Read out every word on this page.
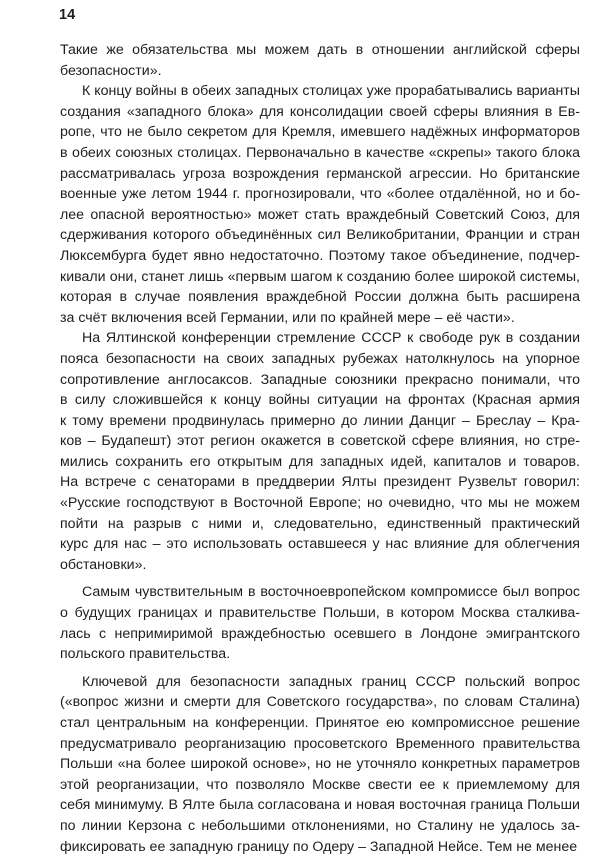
14
Такие же обязательства мы можем дать в отношении английской сферы
безопасности».
К концу войны в обеих западных столицах уже прорабатывались варианты
создания «западного блока» для консолидации своей сферы влияния в Ев-
ропе, что не было секретом для Кремля, имевшего надёжных информаторов
в обеих союзных столицах. Первоначально в качестве «скрепы» такого блока
рассматривалась угроза возрождения германской агрессии. Но британские
военные уже летом 1944 г. прогнозировали, что «более отдалённой, но и бо-
лее опасной вероятностью» может стать враждебный Советский Союз, для
сдерживания которого объединённых сил Великобритании, Франции и стран
Люксембурга будет явно недостаточно. Поэтому такое объединение, подчер-
кивали они, станет лишь «первым шагом к созданию более широкой системы,
которая в случае появления враждебной России должна быть расширена
за счёт включения всей Германии, или по крайней мере – её части».
На Ялтинской конференции стремление СССР к свободе рук в создании
пояса безопасности на своих западных рубежах натолкнулось на упорное
сопротивление англосаксов. Западные союзники прекрасно понимали, что
в силу сложившейся к концу войны ситуации на фронтах (Красная армия
к тому времени продвинулась примерно до линии Данциг – Бреслау – Кра-
ков – Будапешт) этот регион окажется в советской сфере влияния, но стре-
мились сохранить его открытым для западных идей, капиталов и товаров.
На встрече с сенаторами в преддверии Ялты президент Рузвельт говорил:
«Русские господствуют в Восточной Европе; но очевидно, что мы не можем
пойти на разрыв с ними и, следовательно, единственный практический
курс для нас – это использовать оставшееся у нас влияние для облегчения
обстановки».
Самым чувствительным в восточноевропейском компромиссе был вопрос
о будущих границах и правительстве Польши, в котором Москва сталкива-
лась с непримиримой враждебностью осевшего в Лондоне эмигрантского
польского правительства.
Ключевой для безопасности западных границ СССР польский вопрос
(«вопрос жизни и смерти для Советского государства», по словам Сталина)
стал центральным на конференции. Принятое ею компромиссное решение
предусматривало реорганизацию просоветского Временного правительства
Польши «на более широкой основе», но не уточняло конкретных параметров
этой реорганизации, что позволяло Москве свести ее к приемлемому для
себя минимуму. В Ялте была согласована и новая восточная граница Польши
по линии Керзона с небольшими отклонениями, но Сталину не удалось за-
фиксировать ее западную границу по Одеру – Западной Нейсе. Тем не менее
